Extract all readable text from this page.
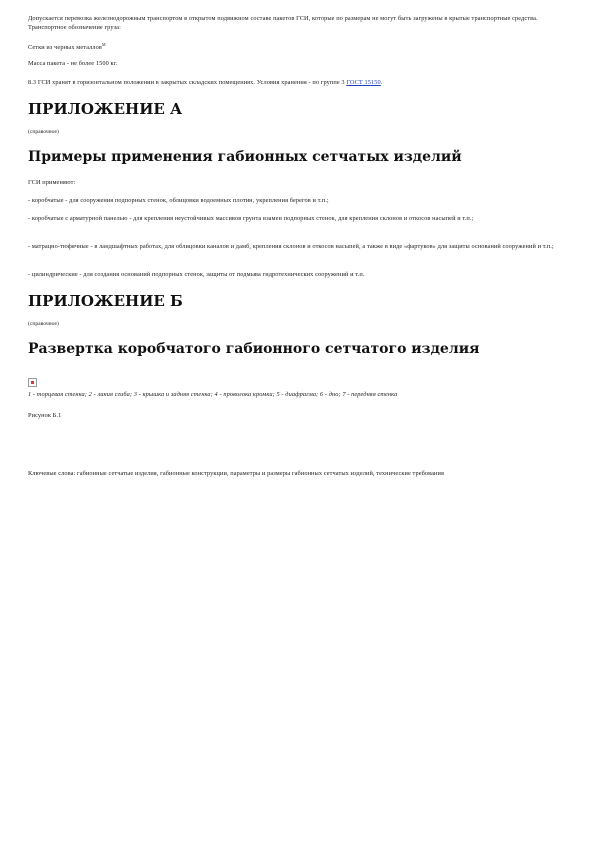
Допускается перевозка железнодорожным транспортом в открытом подвижном составе пакетов ГСИ, которые по размерам не могут быть загружены в крытые транспортные средства. Транспортное обозначение груза:

Сетки из черных металлов$^М$

Масса пакета - не более 1500 кг.

8.3 ГСИ хранят в горизонтальном положении в закрытых складских помещениях. Условия хранения - по группе 3 ГОСТ 15150.

ПРИЛОЖЕНИЕ А

(справочное)

Примеры применения габионных сетчатых изделий

ГСИ применяют:

- коробчатые - для сооружения подпорных стенок, облицовки водоемных плотин, укрепления берегов и т.п.;

- коробчатые с арматурной панелью - для крепления неустойчивых массивов грунта взамен подпорных стенок, для крепления склонов и откосов насыпей и т.п.;

- матрацно-тюфячные - в ландшафтных работах, для облицовки каналов и дамб, крепления склонов и откосов насыпей, а также в виде «фартуков» для защиты оснований сооружений и т.п.;

- цилиндрические - для создания оснований подпорных стенок, защиты от подмыва гидротехнических сооружений и т.п.

ПРИЛОЖЕНИЕ Б

(справочное)

Развертка коробчатого габионного сетчатого изделия

1 - торцевая стенка; 2 - линия сгиба; 3 - крышка и задняя стенка; 4 - проволока кромки; 5 - диафрагма; 6 - дно; 7 - передняя стенка

Рисунок Б.1

Ключевые слова: габионные сетчатые изделия, габионные конструкции, параметры и размеры габионных сетчатых изделий, технические требования
